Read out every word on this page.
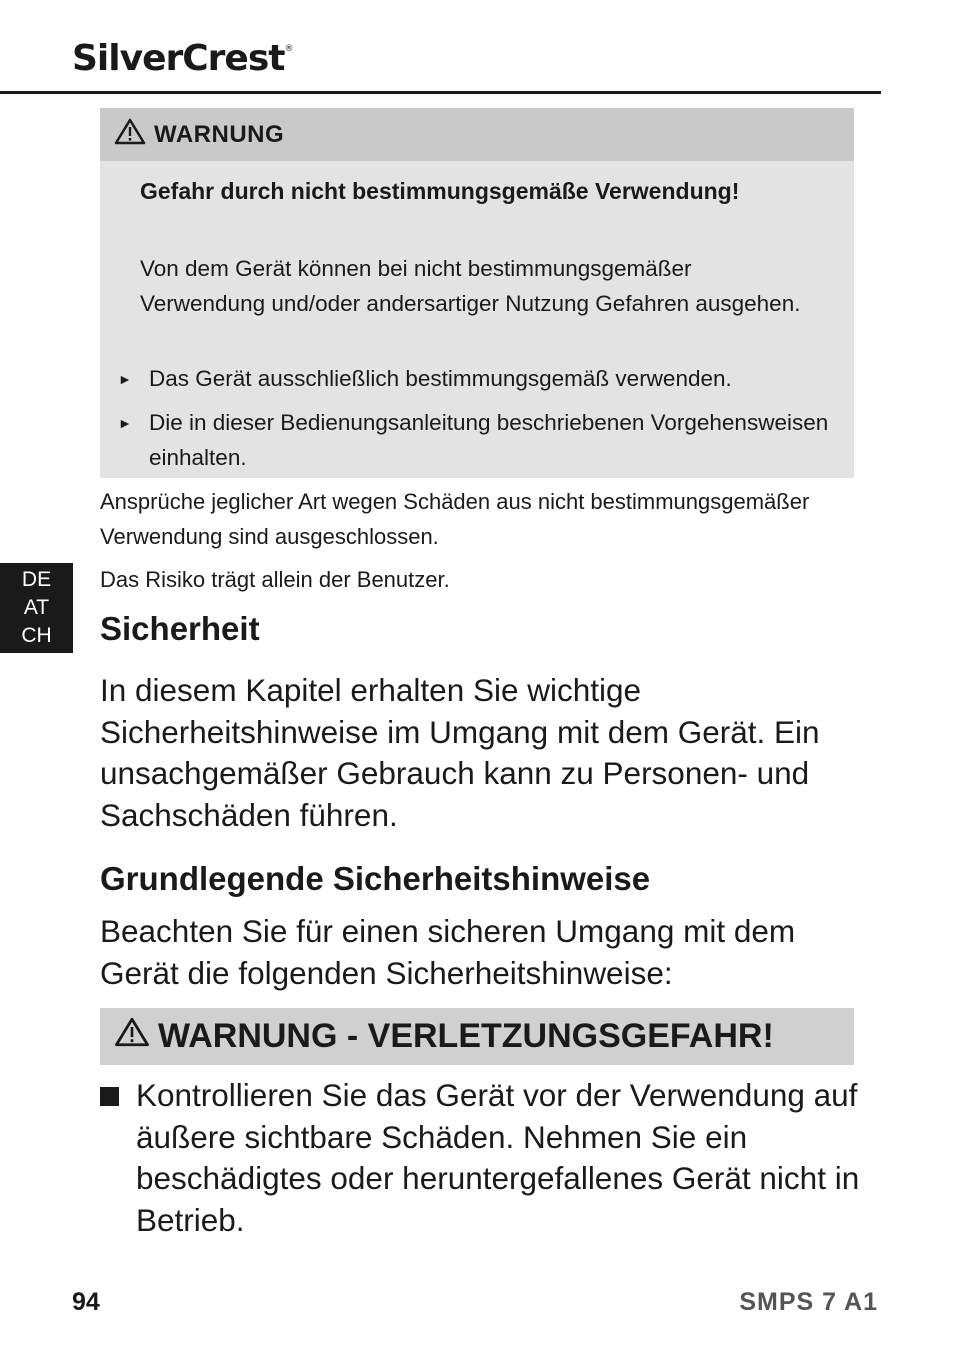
SilverCrest®
WARNUNG
Gefahr durch nicht bestimmungsgemäße Verwendung!
Von dem Gerät können bei nicht bestimmungsgemäßer Verwendung und/oder andersartiger Nutzung Gefahren ausgehen.
► Das Gerät ausschließlich bestimmungsgemäß verwenden.
► Die in dieser Bedienungsanleitung beschriebenen Vorgehensweisen einhalten.
Ansprüche jeglicher Art wegen Schäden aus nicht bestimmungsgemäßer Verwendung sind ausgeschlossen.
Das Risiko trägt allein der Benutzer.
DE
AT
CH	Sicherheit
In diesem Kapitel erhalten Sie wichtige Sicherheitshinweise im Umgang mit dem Gerät. Ein unsachgemäßer Gebrauch kann zu Personen- und Sachschäden führen.
Grundlegende Sicherheitshinweise
Beachten Sie für einen sicheren Umgang mit dem Gerät die folgenden Sicherheitshinweise:
WARNUNG - VERLETZUNGSGEFAHR!
Kontrollieren Sie das Gerät vor der Verwendung auf äußere sichtbare Schäden. Nehmen Sie ein beschädigtes oder heruntergefallenes Gerät nicht in Betrieb.
94	SMPS 7 A1
